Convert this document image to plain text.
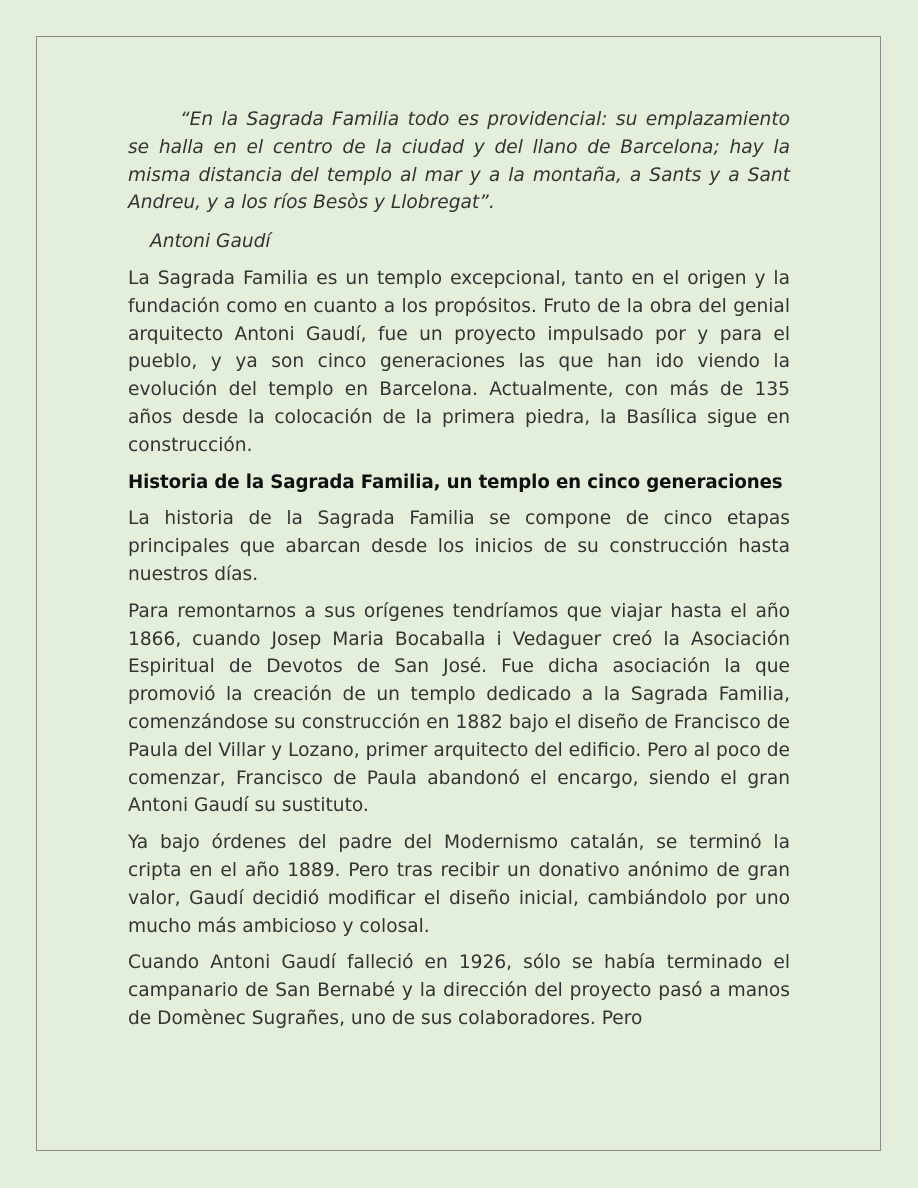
“En la Sagrada Familia todo es providencial: su emplazamiento se halla en el centro de la ciudad y del llano de Barcelona; hay la misma distancia del templo al mar y a la montaña, a Sants y a Sant Andreu, y a los ríos Besòs y Llobregat”.

Antoni Gaudí

La Sagrada Familia es un templo excepcional, tanto en el origen y la fundación como en cuanto a los propósitos. Fruto de la obra del genial arquitecto Antoni Gaudí, fue un proyecto impulsado por y para el pueblo, y ya son cinco generaciones las que han ido viendo la evolución del templo en Barcelona. Actualmente, con más de 135 años desde la colocación de la primera piedra, la Basílica sigue en construcción.

Historia de la Sagrada Familia, un templo en cinco generaciones

La historia de la Sagrada Familia se compone de cinco etapas principales que abarcan desde los inicios de su construcción hasta nuestros días.

Para remontarnos a sus orígenes tendríamos que viajar hasta el año 1866, cuando Josep Maria Bocaballa i Vedaguer creó la Asociación Espiritual de Devotos de San José. Fue dicha asociación la que promovió la creación de un templo dedicado a la Sagrada Familia, comenzándose su construcción en 1882 bajo el diseño de Francisco de Paula del Villar y Lozano, primer arquitecto del edificio. Pero al poco de comenzar, Francisco de Paula abandonó el encargo, siendo el gran Antoni Gaudí su sustituto.

Ya bajo órdenes del padre del Modernismo catalán, se terminó la cripta en el año 1889. Pero tras recibir un donativo anónimo de gran valor, Gaudí decidió modificar el diseño inicial, cambiándolo por uno mucho más ambicioso y colosal.

Cuando Antoni Gaudí falleció en 1926, sólo se había terminado el campanario de San Bernabé y la dirección del proyecto pasó a manos de Domènec Sugrañes, uno de sus colaboradores. Pero
